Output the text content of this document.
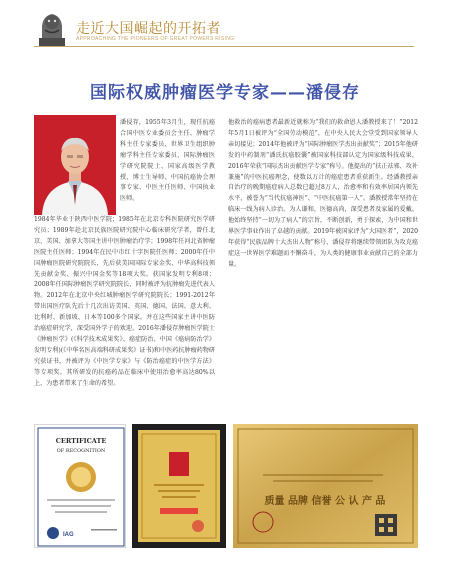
走近大国崛起的开拓者
APPROACHING THE PIONEERS OF GREAT POWERS RISING
国际权威肿瘤医学专家——潘侵存
潘侵存，1955年3月生，现任抗癌合国中医专业委员会主任、肿瘤学科主任专家委员、世界卫生组织肿瘤学科主任专家委员、国际肿瘤医学研究院院士、国家高级医学教授、博士生导师、中国抗癌协会理事专家、中医主任医师、中国执业医师。
1984年毕业于陕西中医学院；1985年在北京专科医院研究医学研究员；1989年赴北京民族医院研究院中心临床研究学者，曾任北京、美国、加拿大等国主讲中医肿瘤治疗学；1998年任河北省肿瘤医院主任医师；1994年在民中市红十字医院任医师；2000年任中国肿瘤医院研究院院长，先后获美国国际专家金奖、中华高科技领先贡献金奖、振兴中国金奖等18项大奖。获国家发明专利8项；2008年任国际肿瘤医学研究院院长，同时被评为抗肿瘤先进代表人物。2012年在北京中央红城肿瘤医学研究院院长；1991-2012年带出国医疗队先后十几次出访美国、英国、德国、法国、意大利、比利时、新加坡、日本等100多个国家。并在这些国家主讲中医防治癌症研究学，深受国外学子的欢迎。2016年潘侵存肿瘤医学院士《肿瘤医学》(《科学技术成果奖》、癌症防治、中国《癌病防治学》发明专利)(《中华名医高端科研成果奖》证书)和中医药抗肿瘤药物研究获证书，并被评为《中医学专家》与《防治癌症的中医学方法》等专项奖。其所研发的抗癌药品在临床中使用治愈率高达80%以上，为患者带来了生命的希望。
他救治的癌病患者最新近就称为“我们的救命恩人潘教授来了！”2012年5月1日被评为“全国劳动模范”，在中央人民大会堂受到国家领导人亲切接见；2014年他被评为“国际肿瘤医学杰出贡献奖”；2015年他研发的中药制剂“潘氏抗癌胶囊”被国家科技部认定为国家级科技成果，2016年荣获“国际杰出贡献医学专家”称号。他提出的“扶正祛邪、攻补兼施”的中医抗癌理念，使数以万计的癌症患者重获新生。经潘教授亲自治疗的晚期癌症病人总数已超过8万人，治愈率和有效率居国内领先水平，被誉为“当代抗癌神医”、“中医抗癌第一人”。潘教授常年坚持在临床一线为病人诊治，为人谦和，医德高尚，深受患者及家属的爱戴。他始终坚持“一切为了病人”的宗旨，不断创新，勇于探索，为中国和世界医学事业作出了卓越的贡献。2019年被国家评为“大国医者”，2020年获得“民族品牌十大杰出人物”称号，潘侵存将继续带领团队为攻克癌症这一世界医学难题而不懈奋斗，为人类的健康事业贡献自己的全部力量。
CERTIFICATE
OF RECOGNITION
IAG
质量 品牌 信誉 公 认 产 品
